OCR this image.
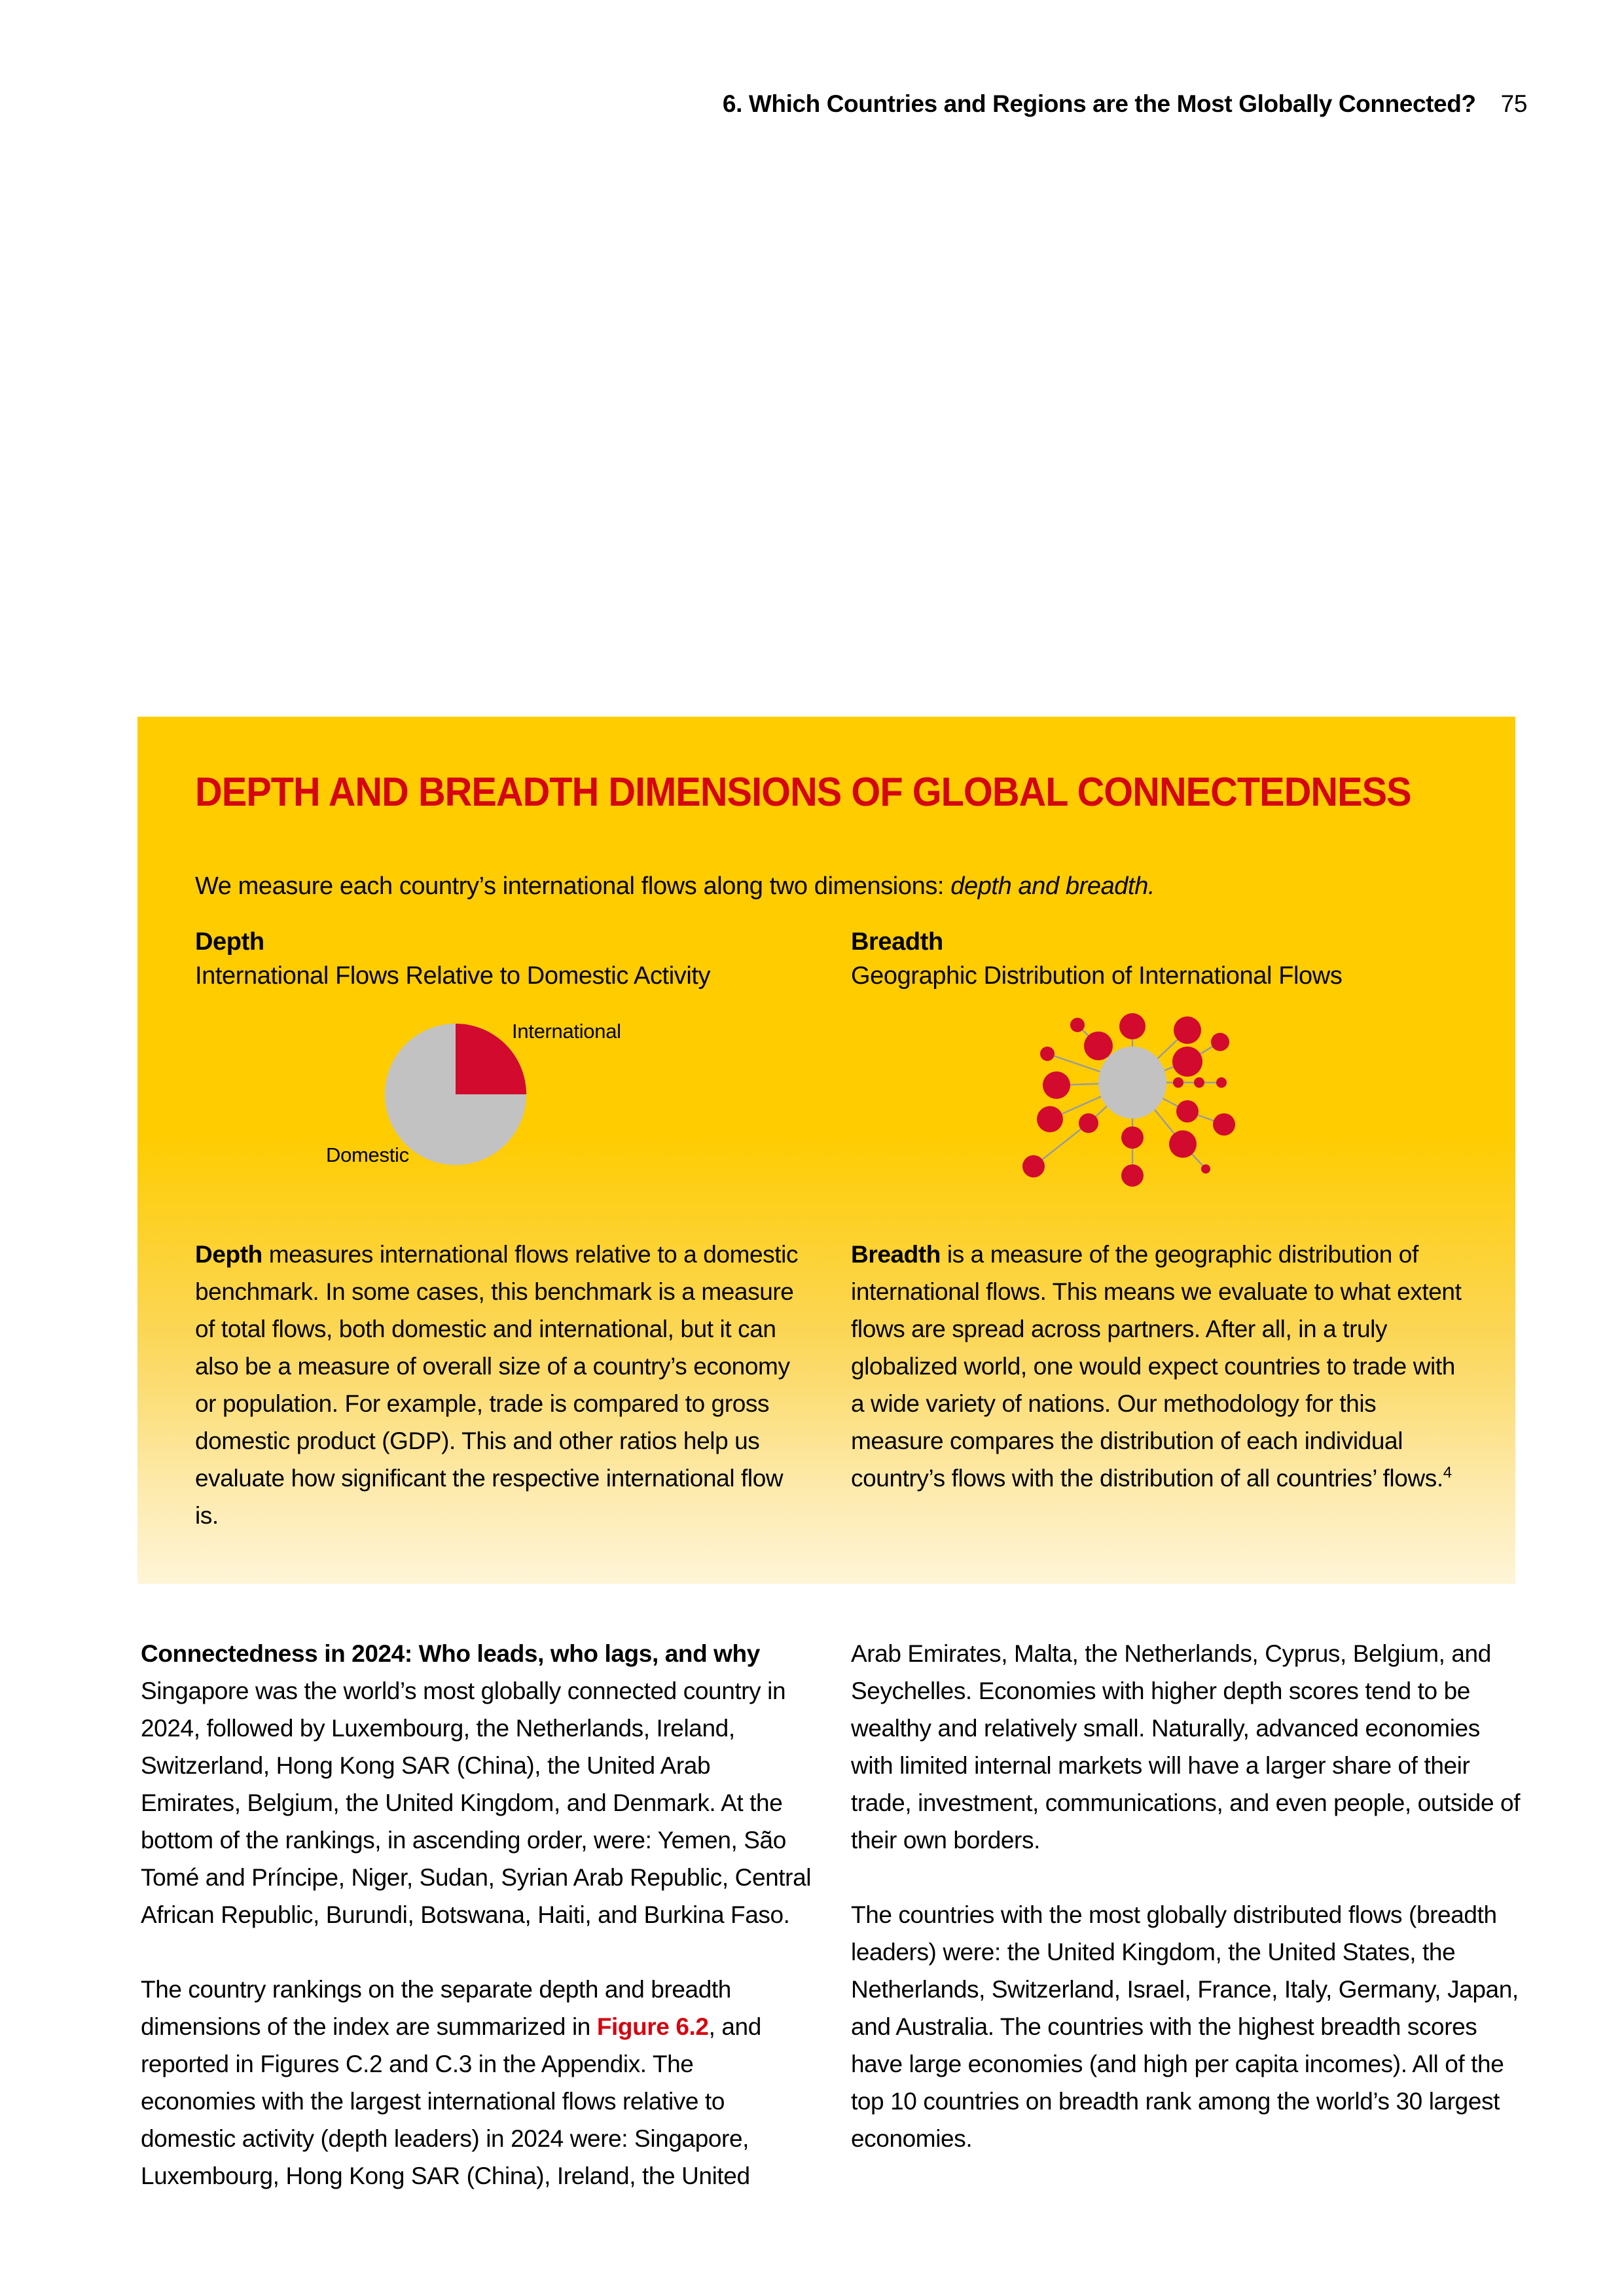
6. Which Countries and Regions are the Most Globally Connected? 75
DEPTH AND BREADTH DIMENSIONS OF GLOBAL CONNECTEDNESS
We measure each country’s international flows along two dimensions: depth and breadth.
Depth
International Flows Relative to Domestic Activity
Breadth
Geographic Distribution of International Flows
International
Domestic
Depth measures international flows relative to a domestic benchmark. In some cases, this benchmark is a measure of total flows, both domestic and international, but it can also be a measure of overall size of a country’s economy or population. For example, trade is compared to gross domestic product (GDP). This and other ratios help us evaluate how significant the respective international flow is.
Breadth is a measure of the geographic distribution of international flows. This means we evaluate to what extent flows are spread across partners. After all, in a truly globalized world, one would expect countries to trade with a wide variety of nations. Our methodology for this measure compares the distribution of each individual country’s flows with the distribution of all countries’ flows.$^4$

Connectedness in 2024: Who leads, who lags, and why
Singapore was the world’s most globally connected country in 2024, followed by Luxembourg, the Netherlands, Ireland, Switzerland, Hong Kong SAR (China), the United Arab Emirates, Belgium, the United Kingdom, and Denmark. At the bottom of the rankings, in ascending order, were: Yemen, São Tomé and Príncipe, Niger, Sudan, Syrian Arab Republic, Central African Republic, Burundi, Botswana, Haiti, and Burkina Faso.

The country rankings on the separate depth and breadth dimensions of the index are summarized in Figure 6.2, and reported in Figures C.2 and C.3 in the Appendix. The economies with the largest international flows relative to domestic activity (depth leaders) in 2024 were: Singapore, Luxembourg, Hong Kong SAR (China), Ireland, the United

Arab Emirates, Malta, the Netherlands, Cyprus, Belgium, and Seychelles. Economies with higher depth scores tend to be wealthy and relatively small. Naturally, advanced economies with limited internal markets will have a larger share of their trade, investment, communications, and even people, outside of their own borders.

The countries with the most globally distributed flows (breadth leaders) were: the United Kingdom, the United States, the Netherlands, Switzerland, Israel, France, Italy, Germany, Japan, and Australia. The countries with the highest breadth scores have large economies (and high per capita incomes). All of the top 10 countries on breadth rank among the world’s 30 largest economies.
